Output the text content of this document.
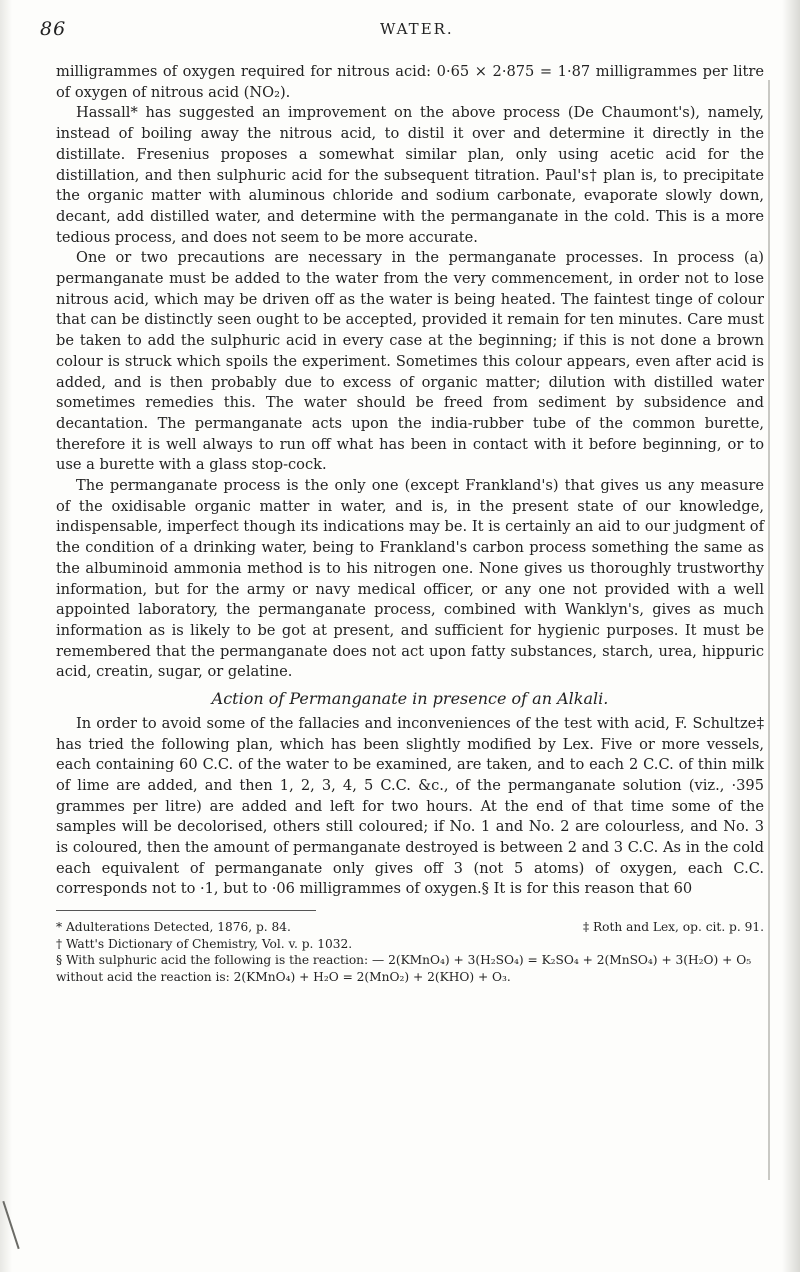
86	WATER.

milligrammes of oxygen required for nitrous acid: 0·65 × 2·875 = 1·87 milligrammes per litre of oxygen of nitrous acid (NO₂).

Hassall* has suggested an improvement on the above process (De Chaumont's), namely, instead of boiling away the nitrous acid, to distil it over and determine it directly in the distillate. Fresenius proposes a somewhat similar plan, only using acetic acid for the distillation, and then sulphuric acid for the subsequent titration. Paul's† plan is, to precipitate the organic matter with aluminous chloride and sodium carbonate, evaporate slowly down, decant, add distilled water, and determine with the permanganate in the cold. This is a more tedious process, and does not seem to be more accurate.

One or two precautions are necessary in the permanganate processes. In process (a) permanganate must be added to the water from the very commencement, in order not to lose nitrous acid, which may be driven off as the water is being heated. The faintest tinge of colour that can be distinctly seen ought to be accepted, provided it remain for ten minutes. Care must be taken to add the sulphuric acid in every case at the beginning; if this is not done a brown colour is struck which spoils the experiment. Sometimes this colour appears, even after acid is added, and is then probably due to excess of organic matter; dilution with distilled water sometimes remedies this. The water should be freed from sediment by subsidence and decantation. The permanganate acts upon the india-rubber tube of the common burette, therefore it is well always to run off what has been in contact with it before beginning, or to use a burette with a glass stop-cock.

The permanganate process is the only one (except Frankland's) that gives us any measure of the oxidisable organic matter in water, and is, in the present state of our knowledge, indispensable, imperfect though its indications may be. It is certainly an aid to our judgment of the condition of a drinking water, being to Frankland's carbon process something the same as the albuminoid ammonia method is to his nitrogen one. None gives us thoroughly trustworthy information, but for the army or navy medical officer, or any one not provided with a well appointed laboratory, the permanganate process, combined with Wanklyn's, gives as much information as is likely to be got at present, and sufficient for hygienic purposes. It must be remembered that the permanganate does not act upon fatty substances, starch, urea, hippuric acid, creatin, sugar, or gelatine.

Action of Permanganate in presence of an Alkali.

In order to avoid some of the fallacies and inconveniences of the test with acid, F. Schultze‡ has tried the following plan, which has been slightly modified by Lex. Five or more vessels, each containing 60 C.C. of the water to be examined, are taken, and to each 2 C.C. of thin milk of lime are added, and then 1, 2, 3, 4, 5 C.C. &c., of the permanganate solution (viz., ·395 grammes per litre) are added and left for two hours. At the end of that time some of the samples will be decolorised, others still coloured; if No. 1 and No. 2 are colourless, and No. 3 is coloured, then the amount of permanganate destroyed is between 2 and 3 C.C. As in the cold each equivalent of permanganate only gives off 3 (not 5 atoms) of oxygen, each C.C. corresponds not to ·1, but to ·06 milligrammes of oxygen.§ It is for this reason that 60

* Adulterations Detected, 1876, p. 84.	‡ Roth and Lex, op. cit. p. 91.

† Watt's Dictionary of Chemistry, Vol. v. p. 1032.

§ With sulphuric acid the following is the reaction: — 2(KMnO₄) + 3(H₂SO₄) = K₂SO₄ + 2(MnSO₄) + 3(H₂O) + O₅

without acid the reaction is: 2(KMnO₄) + H₂O = 2(MnO₂) + 2(KHO) + O₃.
